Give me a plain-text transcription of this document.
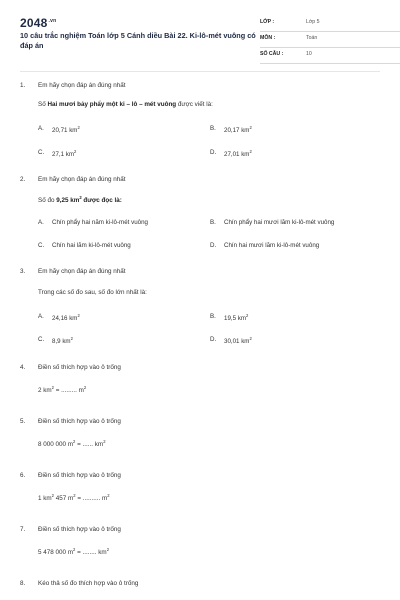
$2048^{.vn}$
10 câu trắc nghiệm Toán lớp 5 Cánh diều Bài 22. Ki-lô-mét vuông có đáp án
LỚP :	Lớp 5
MÔN :	Toán
SỐ CÂU :	10
1. Em hãy chọn đáp án đúng nhất
Số Hai mươi bảy phẩy một ki – lô – mét vuông được viết là:
A. 20,71 $km^2$	B. 20,17 $km^2$
C. 27,1 $km^2$	D. 27,01 $km^2$
2. Em hãy chọn đáp án đúng nhất
Số đo 9,25 $km^2$ được đọc là:
A. Chín phẩy hai năm ki-lô-mét vuông	B. Chín phẩy hai mươi lăm ki-lô-mét vuông
C. Chín hai lăm ki-lô-mét vuông	D. Chín hai mươi lăm ki-lô-mét vuông
3. Em hãy chọn đáp án đúng nhất
Trong các số đo sau, số đo lớn nhất là:
A. 24,16 $km^2$	B. 19,5 $km^2$
C. 8,9 $km^2$	D. 30,01 $km^2$
4. Điền số thích hợp vào ô trống
2 $km^2$ = ......... $m^2$
5. Điền số thích hợp vào ô trống
8 000 000 $m^2$ = ...... $km^2$
6. Điền số thích hợp vào ô trống
1 $km^2$ 457 $m^2$ = .......... $m^2$
7. Điền số thích hợp vào ô trống
5 478 000 $m^2$ = ........ $km^2$
8. Kéo thả số đo thích hợp vào ô trống
